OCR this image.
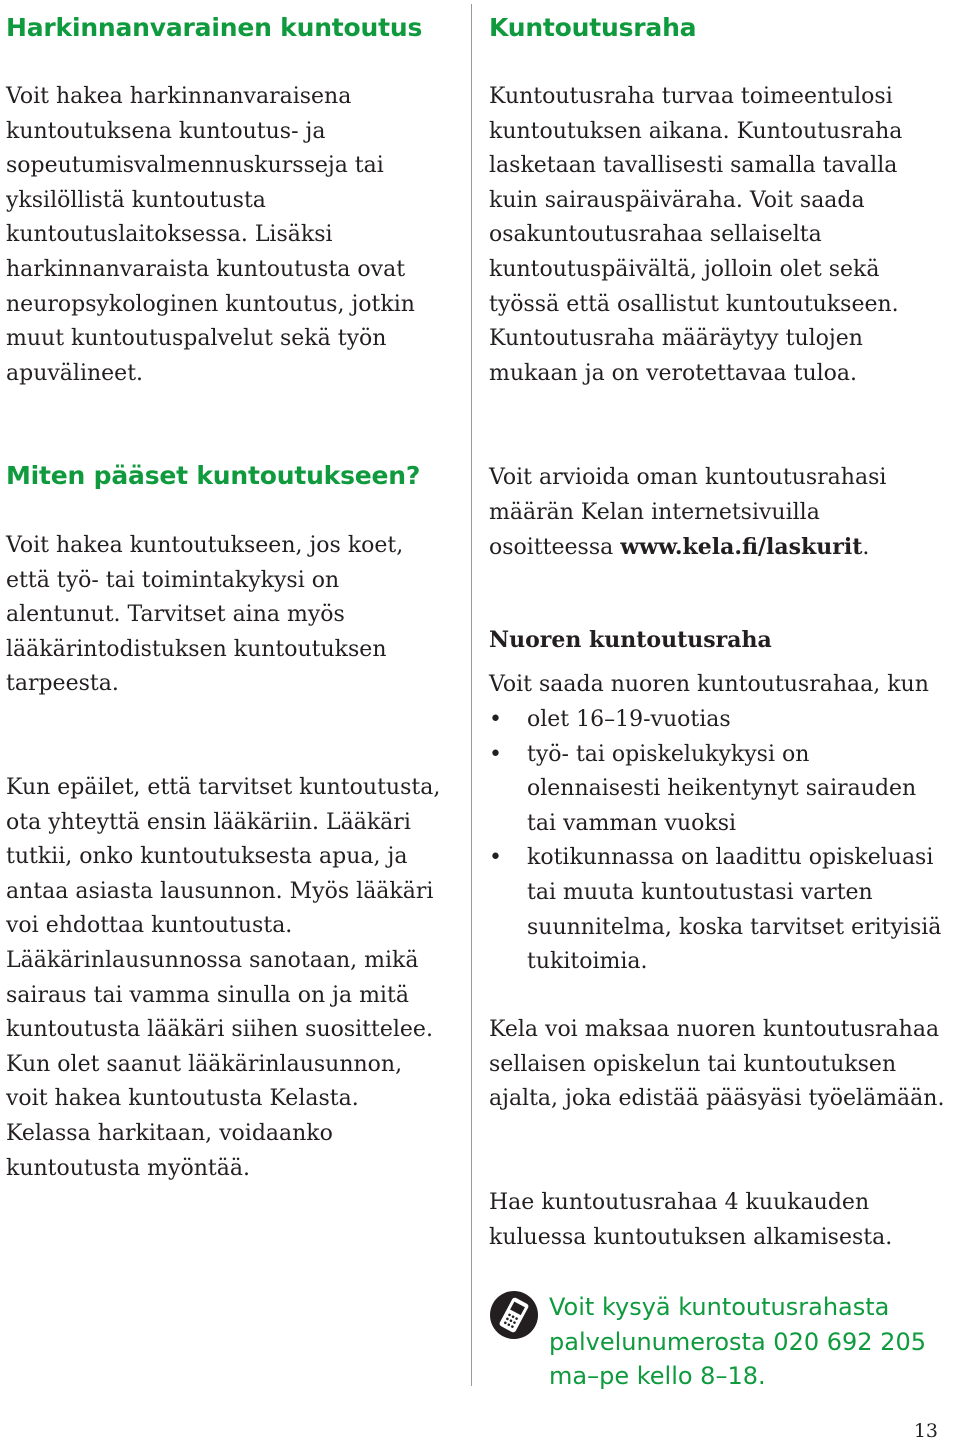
Harkinnanvarainen kuntoutus

Voit hakea harkinnanvaraisena kuntoutuksena kuntoutus- ja sopeutumisvalmennuskursseja tai yksilöllistä kuntoutusta kuntoutuslaitoksessa. Lisäksi harkinnanvaraista kuntoutusta ovat neuropsykologinen kuntoutus, jotkin muut kuntoutuspalvelut sekä työn apuvälineet.

Miten pääset kuntoutukseen?

Voit hakea kuntoutukseen, jos koet, että työ- tai toimintakykysi on alentunut. Tarvitset aina myös lääkärintodistuksen kuntoutuksen tarpeesta.

Kun epäilet, että tarvitset kuntoutusta, ota yhteyttä ensin lääkäriin. Lääkäri tutkii, onko kuntoutuksesta apua, ja antaa asiasta lausunnon. Myös lääkäri voi ehdottaa kuntoutusta. Lääkärinlausunnossa sanotaan, mikä sairaus tai vamma sinulla on ja mitä kuntoutusta lääkäri siihen suosittelee. Kun olet saanut lääkärinlausunnon, voit hakea kuntoutusta Kelasta. Kelassa harkitaan, voidaanko kuntoutusta myöntää.

Kuntoutusraha

Kuntoutusraha turvaa toimeentulosi kuntoutuksen aikana. Kuntoutusraha lasketaan tavallisesti samalla tavalla kuin sairauspäiväraha. Voit saada osakuntoutusrahaa sellaiselta kuntoutuspäivältä, jolloin olet sekä työssä että osallistut kuntoutukseen. Kuntoutusraha määräytyy tulojen mukaan ja on verotettavaa tuloa.

Voit arvioida oman kuntoutusrahasi määrän Kelan internetsivuilla osoitteessa www.kela.fi/laskurit.

Nuoren kuntoutusraha

Voit saada nuoren kuntoutusrahaa, kun

• olet 16–19-vuotias
• työ- tai opiskelukykysi on olennaisesti heikentynyt sairauden tai vamman vuoksi
• kotikunnassa on laadittu opiskeluasi tai muuta kuntoutustasi varten suunnitelma, koska tarvitset erityisiä tukitoimia.

Kela voi maksaa nuoren kuntoutusrahaa sellaisen opiskelun tai kuntoutuksen ajalta, joka edistää pääsyäsi työelämään.

Hae kuntoutusrahaa 4 kuukauden kuluessa kuntoutuksen alkamisesta.

Voit kysyä kuntoutusrahasta palvelunumerosta 020 692 205 ma–pe kello 8–18.
13
